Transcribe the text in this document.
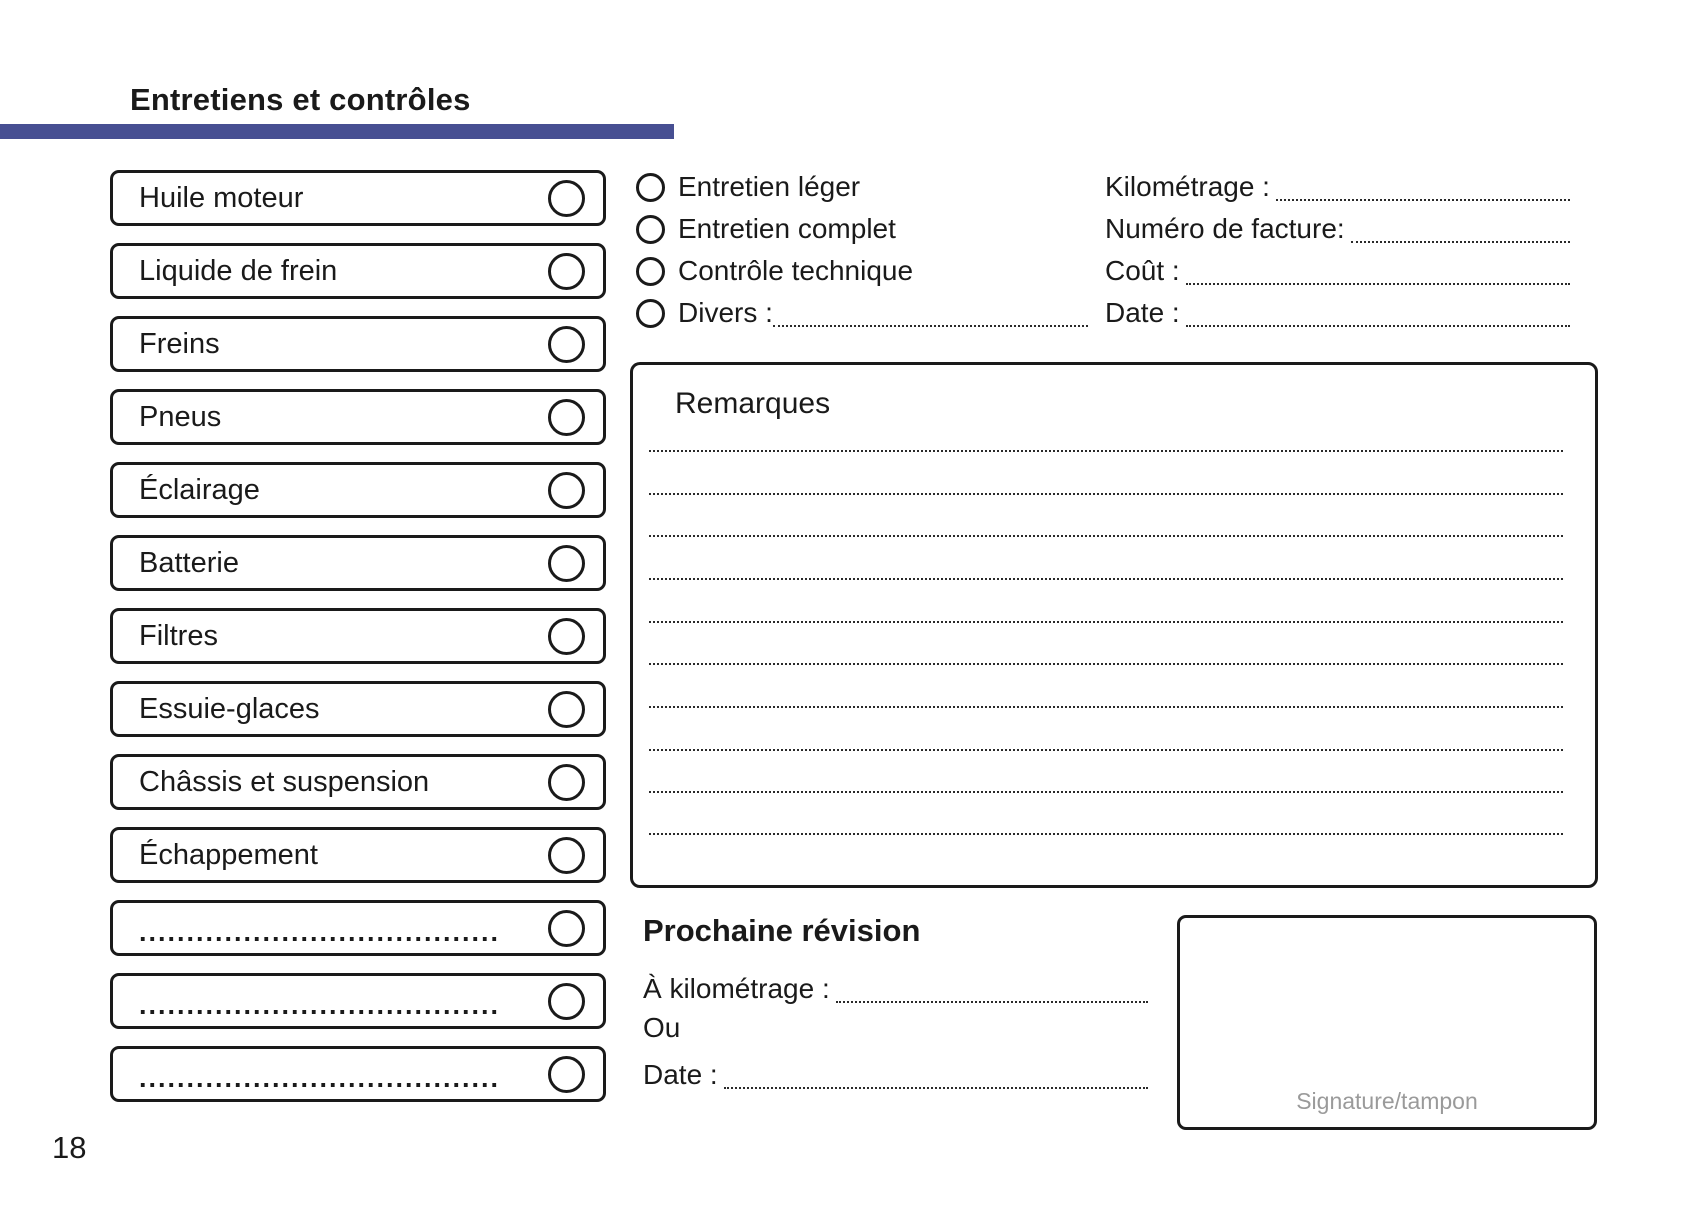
Entretiens et contrôles
Huile moteur
Liquide de frein
Freins
Pneus
Éclairage
Batterie
Filtres
Essuie-glaces
Châssis et suspension
Échappement
......................................
......................................
......................................
Entretien léger
Entretien complet
Contrôle technique
Divers :
Kilométrage :
Numéro de facture:
Coût :
Date :
Remarques
Prochaine révision
À kilométrage :
Ou
Date :
Signature/tampon
18
